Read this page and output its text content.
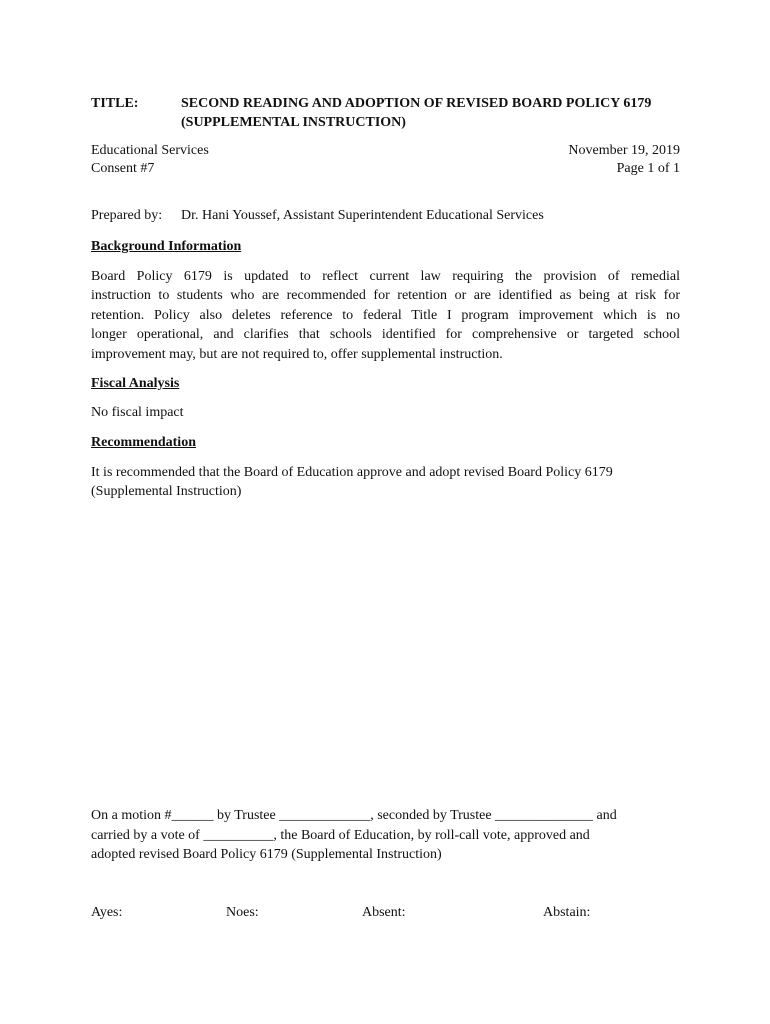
TITLE:	SECOND READING AND ADOPTION OF REVISED BOARD POLICY 6179
(SUPPLEMENTAL INSTRUCTION)
Educational Services	November 19, 2019
Consent #7	Page 1 of 1
Prepared by: Dr. Hani Youssef, Assistant Superintendent Educational Services
Background Information
Board Policy 6179 is updated to reflect current law requiring the provision of remedial
instruction to students who are recommended for retention or are identified as being at risk for
retention. Policy also deletes reference to federal Title I program improvement which is no
longer operational, and clarifies that schools identified for comprehensive or targeted school
improvement may, but are not required to, offer supplemental instruction.
Fiscal Analysis
No fiscal impact
Recommendation
It is recommended that the Board of Education approve and adopt revised Board Policy 6179
(Supplemental Instruction)
On a motion #______ by Trustee _____________, seconded by Trustee ______________ and
carried by a vote of __________, the Board of Education, by roll-call vote, approved and
adopted revised Board Policy 6179 (Supplemental Instruction)
Ayes:	Noes:	Absent:	Abstain:
